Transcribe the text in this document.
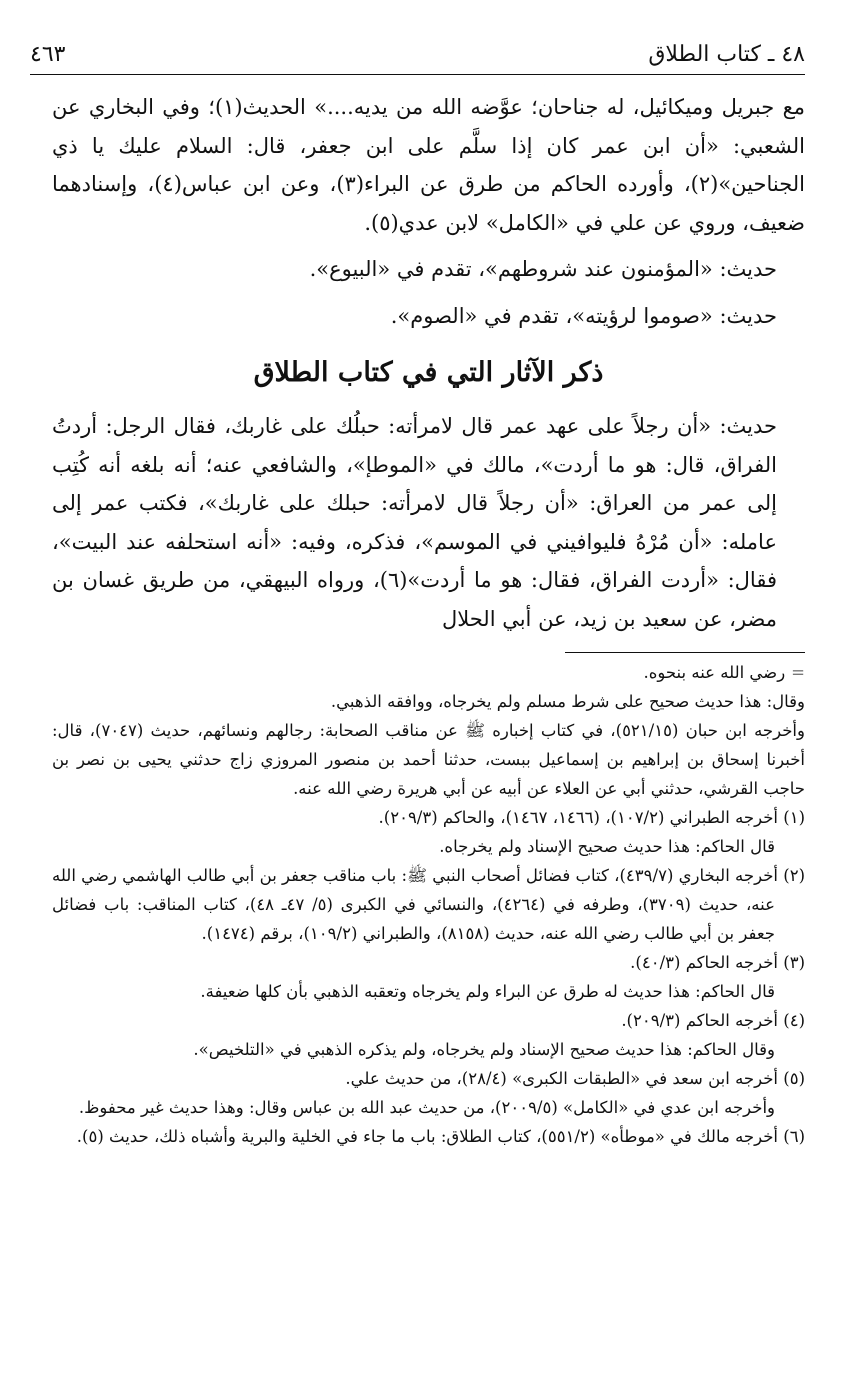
٤٨ ـ كتاب الطلاق
٤٦٣

مع جبريل وميكائيل، له جناحان؛ عوَّضه الله من يديه....» الحديث(١)؛ وفي البخاري عن الشعبي: «أن ابن عمر كان إذا سلَّم على ابن جعفر، قال: السلام عليك يا ذي الجناحين»(٢)، وأورده الحاكم من طرق عن البراء(٣)، وعن ابن عباس(٤)، وإسنادهما ضعيف، وروي عن علي في «الكامل» لابن عدي(٥).

حديث: «المؤمنون عند شروطهم»، تقدم في «البيوع».

حديث: «صوموا لرؤيته»، تقدم في «الصوم».

ذكر الآثار التي في كتاب الطلاق

حديث: «أن رجلاً على عهد عمر قال لامرأته: حبلُك على غاربك، فقال الرجل: أردتُ الفراق، قال: هو ما أردت»، مالك في «الموطإ»، والشافعي عنه؛ أنه بلغه أنه كُتِب إلى عمر من العراق: «أن رجلاً قال لامرأته: حبلك على غاربك»، فكتب عمر إلى عامله: «أن مُرْهُ فليوافيني في الموسم»، فذكره، وفيه: «أنه استحلفه عند البيت»، فقال: «أردت الفراق، فقال: هو ما أردت»(٦)، ورواه البيهقي، من طريق غسان بن مضر، عن سعيد بن زيد، عن أبي الحلال

=رضي الله عنه بنحوه.

وقال: هذا حديث صحيح على شرط مسلم ولم يخرجاه، ووافقه الذهبي.

وأخرجه ابن حبان (٥٢١/١٥)، في كتاب إخباره ﷺ عن مناقب الصحابة: رجالهم ونسائهم، حديث (٧٠٤٧)، قال: أخبرنا إسحاق بن إبراهيم بن إسماعيل ببست، حدثنا أحمد بن منصور المروزي زاج حدثني يحيى بن نصر بن حاجب القرشي، حدثني أبي عن العلاء عن أبيه عن أبي هريرة رضي الله عنه.

(١) أخرجه الطبراني (١٠٧/٢)، (١٤٦٦، ١٤٦٧)، والحاكم (٢٠٩/٣).

قال الحاكم: هذا حديث صحيح الإسناد ولم يخرجاه.

(٢) أخرجه البخاري (٤٣٩/٧)، كتاب فضائل أصحاب النبي ﷺ: باب مناقب جعفر بن أبي طالب الهاشمي رضي الله عنه، حديث (٣٧٠٩)، وطرفه في (٤٢٦٤)، والنسائي في الكبرى (٥/ ٤٧ـ ٤٨)، كتاب المناقب: باب فضائل جعفر بن أبي طالب رضي الله عنه، حديث (٨١٥٨)، والطبراني (١٠٩/٢)، برقم (١٤٧٤).

(٣) أخرجه الحاكم (٤٠/٣).

قال الحاكم: هذا حديث له طرق عن البراء ولم يخرجاه وتعقبه الذهبي بأن كلها ضعيفة.

(٤) أخرجه الحاكم (٢٠٩/٣).

وقال الحاكم: هذا حديث صحيح الإسناد ولم يخرجاه، ولم يذكره الذهبي في «التلخيص».

(٥) أخرجه ابن سعد في «الطبقات الكبرى» (٢٨/٤)، من حديث علي.

وأخرجه ابن عدي في «الكامل» (٢٠٠٩/٥)، من حديث عبد الله بن عباس وقال: وهذا حديث غير محفوظ.

(٦) أخرجه مالك في «موطأه» (٥٥١/٢)، كتاب الطلاق: باب ما جاء في الخلية والبرية وأشباه ذلك، حديث (٥).
